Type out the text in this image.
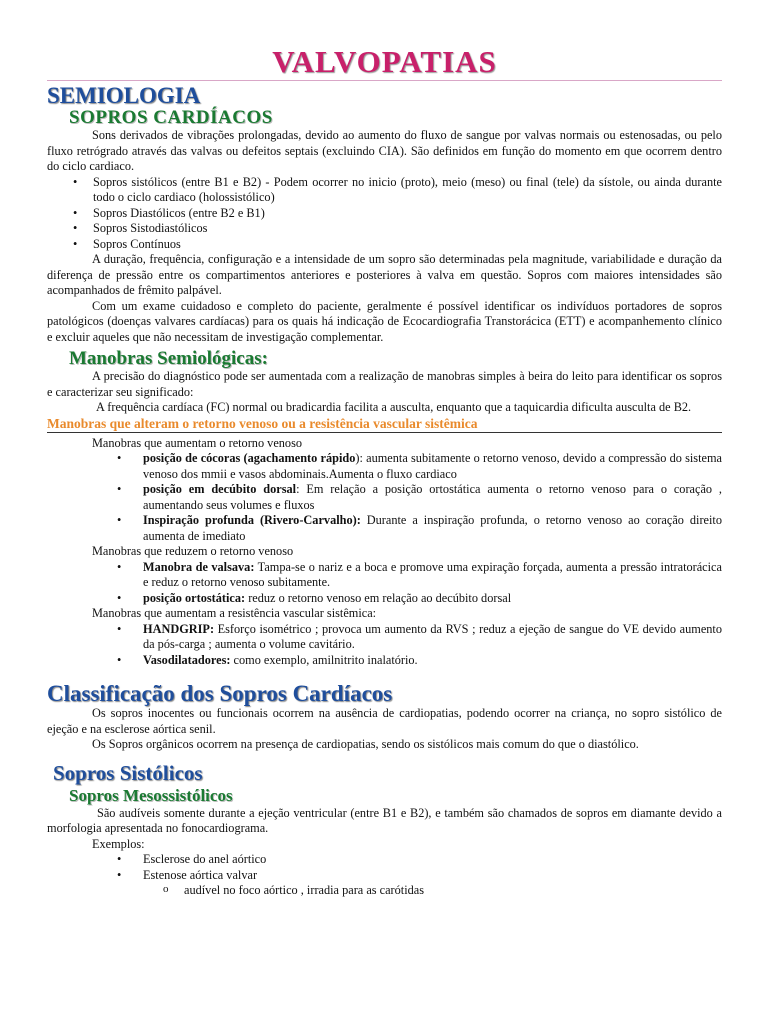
VALVOPATIAS
SEMIOLOGIA
SOPROS CARDÍACOS

Sons derivados de vibrações prolongadas, devido ao aumento do fluxo de sangue por valvas normais ou estenosadas, ou pelo fluxo retrógrado através das valvas ou defeitos septais (excluindo CIA). São definidos em função do momento em que ocorrem dentro do ciclo cardiaco.

• Sopros sistólicos (entre B1 e B2) - Podem ocorrer no inicio (proto), meio (meso) ou final (tele) da sístole, ou ainda durante todo o ciclo cardiaco (holossistólico)
• Sopros Diastólicos (entre B2 e B1)
• Sopros Sistodiastólicos
• Sopros Contínuos

A duração, frequência, configuração e a intensidade de um sopro são determinadas pela magnitude, variabilidade e duração da diferença de pressão entre os compartimentos anteriores e posteriores à valva em questão. Sopros com maiores intensidades são acompanhados de frêmito palpável.

Com um exame cuidadoso e completo do paciente, geralmente é possível identificar os indivíduos portadores de sopros patológicos (doenças valvares cardíacas) para os quais há indicação de Ecocardiografia Transtorácica (ETT) e acompanhemento clínico e excluir aqueles que não necessitam de investigação complementar.

Manobras Semiológicas:

A precisão do diagnóstico pode ser aumentada com a realização de manobras simples à beira do leito para identificar os sopros e caracterizar seu significado:

A frequência cardíaca (FC) normal ou bradicardia facilita a ausculta, enquanto que a taquicardia dificulta ausculta de B2.

Manobras que alteram o retorno venoso ou a resistência vascular sistêmica
Manobras que aumentam o retorno venoso
• posição de cócoras (agachamento rápido): aumenta subitamente o retorno venoso, devido a compressão do sistema venoso dos mmii e vasos abdominais.Aumenta o fluxo cardiaco
• posição em decúbito dorsal: Em relação a posição ortostática aumenta o retorno venoso para o coração , aumentando seus volumes e fluxos
• Inspiração profunda (Rivero-Carvalho): Durante a inspiração profunda, o retorno venoso ao coração direito aumenta de imediato
Manobras que reduzem o retorno venoso
• Manobra de valsava: Tampa-se o nariz e a boca e promove uma expiração forçada, aumenta a pressão intratorácica e reduz o retorno venoso subitamente.
• posição ortostática: reduz o retorno venoso em relação ao decúbito dorsal
Manobras que aumentam a resistência vascular sistêmica:
• HANDGRIP: Esforço isométrico ; provoca um aumento da RVS ; reduz a ejeção de sangue do VE devido aumento da pós-carga ; aumenta o volume cavitário.
• Vasodilatadores: como exemplo, amilnitrito inalatório.
Classificação dos Sopros Cardíacos

Os sopros inocentes ou funcionais ocorrem na ausência de cardiopatias, podendo ocorrer na criança, no sopro sistólico de ejeção e na esclerose aórtica senil.

Os Sopros orgânicos ocorrem na presença de cardiopatias, sendo os sistólicos mais comum do que o diastólico.

Sopros Sistólicos
Sopros Mesossistólicos

São audíveis somente durante a ejeção ventricular (entre B1 e B2), e também são chamados de sopros em diamante devido a morfologia apresentada no fonocardiograma.

Exemplos:
• Esclerose do anel aórtico
• Estenose aórtica valvar
o audível no foco aórtico , irradia para as carótidas
